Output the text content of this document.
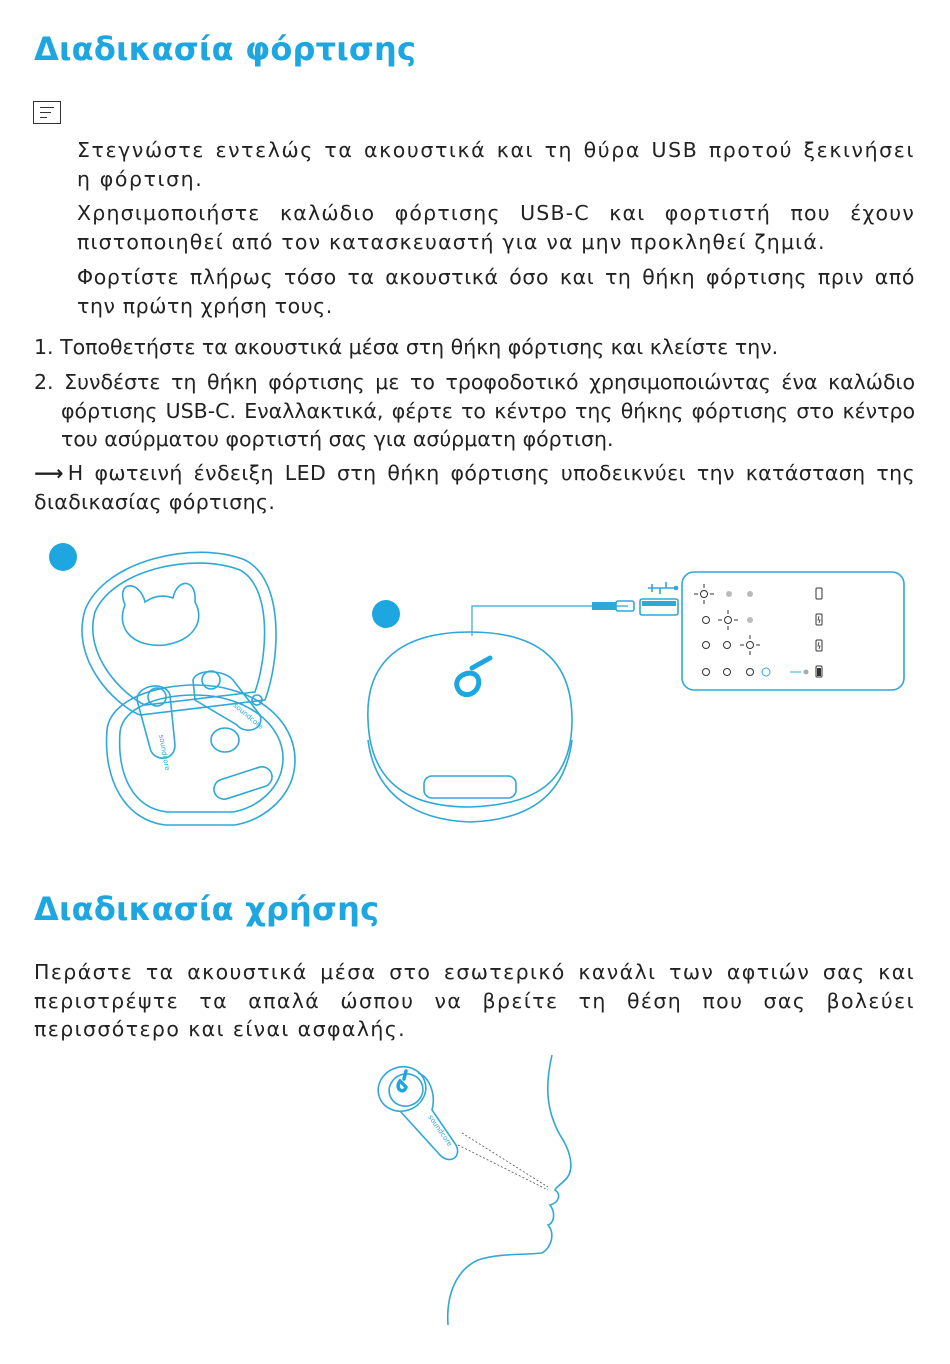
Διαδικασία φόρτισης

Στεγνώστε εντελώς τα ακουστικά και τη θύρα USB προτού ξεκινήσει η φόρτιση.

Χρησιμοποιήστε καλώδιο φόρτισης USB-C και φορτιστή που έχουν πιστοποιηθεί από τον κατασκευαστή για να μην προκληθεί ζημιά.

Φορτίστε πλήρως τόσο τα ακουστικά όσο και τη θήκη φόρτισης πριν από την πρώτη χρήση τους.

1. Τοποθετήστε τα ακουστικά μέσα στη θήκη φόρτισης και κλείστε την.

2. Συνδέστε τη θήκη φόρτισης με το τροφοδοτικό χρησιμοποιώντας ένα καλώδιο φόρτισης USB-C. Εναλλακτικά, φέρτε το κέντρο της θήκης φόρτισης στο κέντρο του ασύρματου φορτιστή σας για ασύρματη φόρτιση.

⟶ Η φωτεινή ένδειξη LED στη θήκη φόρτισης υποδεικνύει την κατάσταση της διαδικασίας φόρτισης.

soundcore
soundcore
Διαδικασία χρήσης

Περάστε τα ακουστικά μέσα στο εσωτερικό κανάλι των αφτιών σας και περιστρέψτε τα απαλά ώσπου να βρείτε τη θέση που σας βολεύει περισσότερο και είναι ασφαλής.

soundcore
